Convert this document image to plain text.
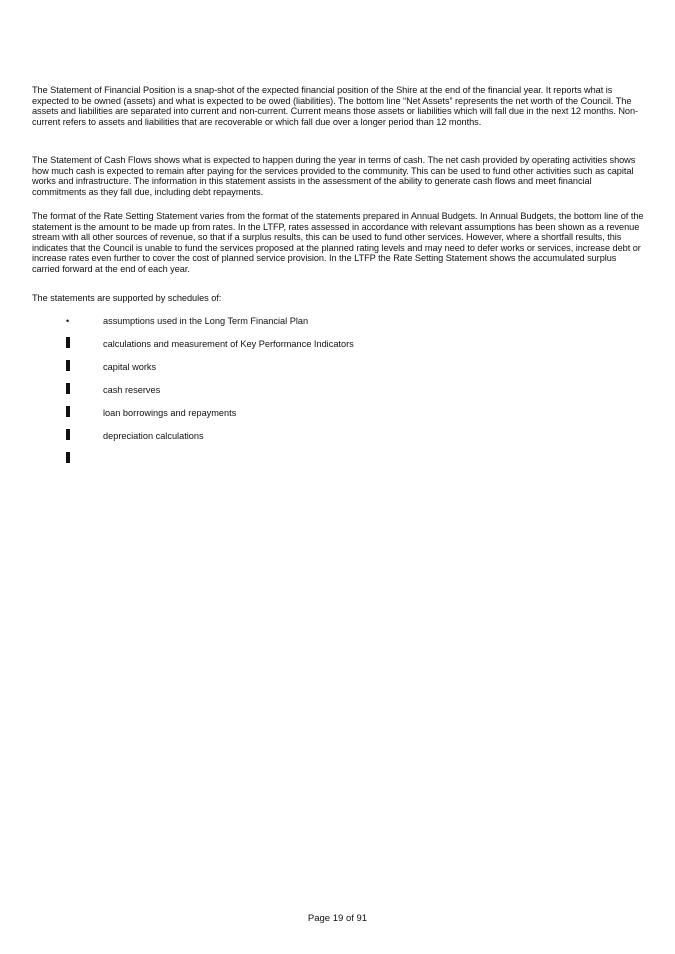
The Statement of Financial Position is a snap-shot of the expected financial position of the Shire at the end of the financial year. It reports what is expected to be owned (assets) and what is expected to be owed (liabilities). The bottom line “Net Assets” represents the net worth of the Council. The assets and liabilities are separated into current and non-current. Current means those assets or liabilities which will fall due in the next 12 months. Non-current refers to assets and liabilities that are recoverable or which fall due over a longer period than 12 months.

The Statement of Cash Flows shows what is expected to happen during the year in terms of cash. The net cash provided by operating activities shows how much cash is expected to remain after paying for the services provided to the community. This can be used to fund other activities such as capital works and infrastructure. The information in this statement assists in the assessment of the ability to generate cash flows and meet financial commitments as they fall due, including debt repayments.

The format of the Rate Setting Statement varies from the format of the statements prepared in Annual Budgets. In Annual Budgets, the bottom line of the statement is the amount to be made up from rates. In the LTFP, rates assessed in accordance with relevant assumptions has been shown as a revenue stream with all other sources of revenue, so that if a surplus results, this can be used to fund other services. However, where a shortfall results, this indicates that the Council is unable to fund the services proposed at the planned rating levels and may need to defer works or services, increase debt or increase rates even further to cover the cost of planned service provision. In the LTFP the Rate Setting Statement shows the accumulated surplus carried forward at the end of each year.

The statements are supported by schedules of:

•	assumptions used in the Long Term Financial Plan
calculations and measurement of Key Performance Indicators
capital works
cash reserves
loan borrowings and repayments
depreciation calculations
Page 19 of 91
